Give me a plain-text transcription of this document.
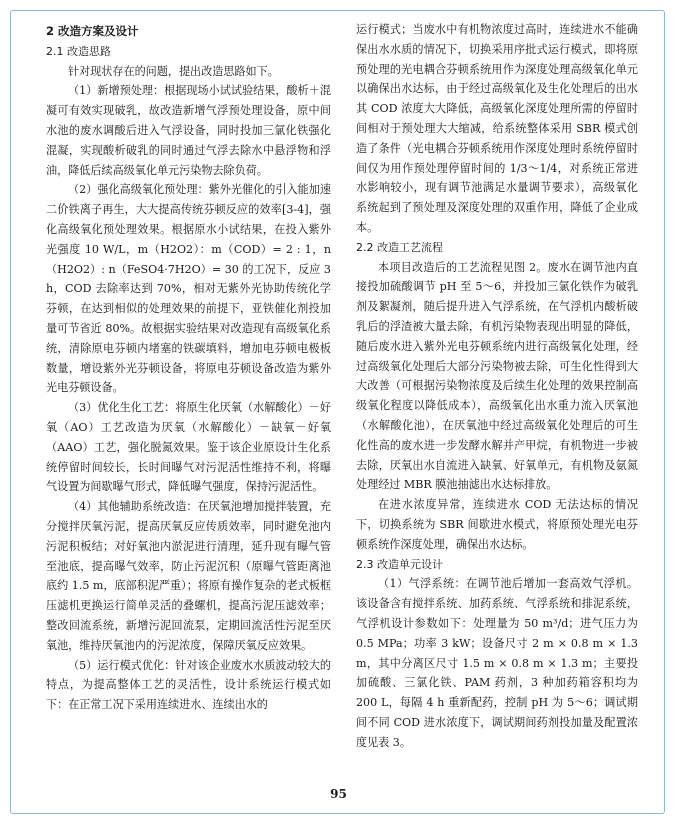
2 改造方案及设计

2.1 改造思路

针对现状存在的问题，提出改造思路如下。

（1）新增预处理：根据现场小试试验结果，酸析＋混凝可有效实现破乳，故改造新增气浮预处理设备，原中间水池的废水调酸后进入气浮设备，同时投加三氯化铁强化混凝，实现酸析破乳的同时通过气浮去除水中悬浮物和浮油，降低后续高级氧化单元污染物去除负荷。

（2）强化高级氧化预处理：紫外光催化的引入能加速二价铁离子再生，大大提高传统芬顿反应的效率[3-4]，强化高级氧化预处理效果。根据原水小试结果，在投入紫外光强度 10 W/L，m（H2O2）：m（COD）= 2 : 1，n（H2O2）: n（FeSO4·7H2O）= 30 的工况下，反应 3 h，COD 去除率达到 70%，相对无紫外光协助传统化学芬顿，在达到相似的处理效果的前提下，亚铁催化剂投加量可节省近 80%。故根据实验结果对改造现有高级氧化系统，清除原电芬顿内堵塞的铁碳填料，增加电芬顿电极板数量，增设紫外光芬顿设备，将原电芬顿设备改造为紫外光电芬顿设备。

（3）优化生化工艺：将原生化厌氧（水解酸化）－好氧（AO）工艺改造为厌氧（水解酸化）－缺氧－好氧（AAO）工艺，强化脱氮效果。鉴于该企业原设计生化系统停留时间较长，长时间曝气对污泥活性维持不利，将曝气设置为间歇曝气形式，降低曝气强度，保持污泥活性。

（4）其他辅助系统改造：在厌氧池增加搅拌装置，充分搅拌厌氧污泥，提高厌氧反应传质效率，同时避免池内污泥积板结；对好氧池内淤泥进行清理，延升现有曝气管至池底，提高曝气效率，防止污泥沉积（原曝气管距离池底约 1.5 m，底部积泥严重）；将原有操作复杂的老式板框压滤机更换运行简单灵活的叠螺机，提高污泥压滤效率；整改回流系统，新增污泥回流泵，定期回流活性污泥至厌氧池，维持厌氧池内的污泥浓度，保障厌氧反应效果。

（5）运行模式优化：针对该企业废水水质波动较大的特点，为提高整体工艺的灵活性，设计系统运行模式如下：在正常工况下采用连续进水、连续出水的

运行模式；当废水中有机物浓度过高时，连续进水不能确保出水水质的情况下，切换采用序批式运行模式，即将原预处理的光电耦合芬顿系统用作为深度处理高级氧化单元以确保出水达标，由于经过高级氧化及生化处理后的出水其 COD 浓度大大降低，高级氧化深度处理所需的停留时间相对于预处理大大缩减，给系统整体采用 SBR 模式创造了条件（光电耦合芬顿系统用作深度处理时系统停留时间仅为用作预处理停留时间的 1/3～1/4，对系统正常进水影响较小，现有调节池满足水量调节要求），高级氧化系统起到了预处理及深度处理的双重作用，降低了企业成本。

2.2 改造工艺流程

本项目改造后的工艺流程见图 2。废水在调节池内直接投加硫酸调节 pH 至 5～6，并投加三氯化铁作为破乳剂及絮凝剂，随后提升进入气浮系统，在气浮机内酸析破乳后的浮渣被大量去除，有机污染物表现出明显的降低，随后废水进入紫外光电芬顿系统内进行高级氧化处理，经过高级氧化处理后大部分污染物被去除，可生化性得到大大改善（可根据污染物浓度及后续生化处理的效果控制高级氧化程度以降低成本），高级氧化出水重力流入厌氧池（水解酸化池），在厌氧池中经过高级氧化处理后的可生化性高的废水进一步发酵水解并产甲烷，有机物进一步被去除，厌氧出水自流进入缺氧、好氧单元，有机物及氨氮处理经过 MBR 膜池抽滤出水达标排放。

在进水浓度异常，连续进水 COD 无法达标的情况下，切换系统为 SBR 间歇进水模式，将原预处理光电芬顿系统作深度处理，确保出水达标。

2.3 改造单元设计

（1）气浮系统：在调节池后增加一套高效气浮机。该设备含有搅拌系统、加药系统、气浮系统和排泥系统，气浮机设计参数如下：处理量为 50 m³/d；进气压力为 0.5 MPa；功率 3 kW；设备尺寸 2 m × 0.8 m × 1.3 m，其中分离区尺寸 1.5 m × 0.8 m × 1.3 m；主要投加硫酸、三氯化铁、PAM 药剂，3 种加药箱容积均为 200 L，每隔 4 h 重新配药，控制 pH 为 5～6；调试期间不同 COD 进水浓度下，调试期间药剂投加量及配置浓度见表 3。

95
